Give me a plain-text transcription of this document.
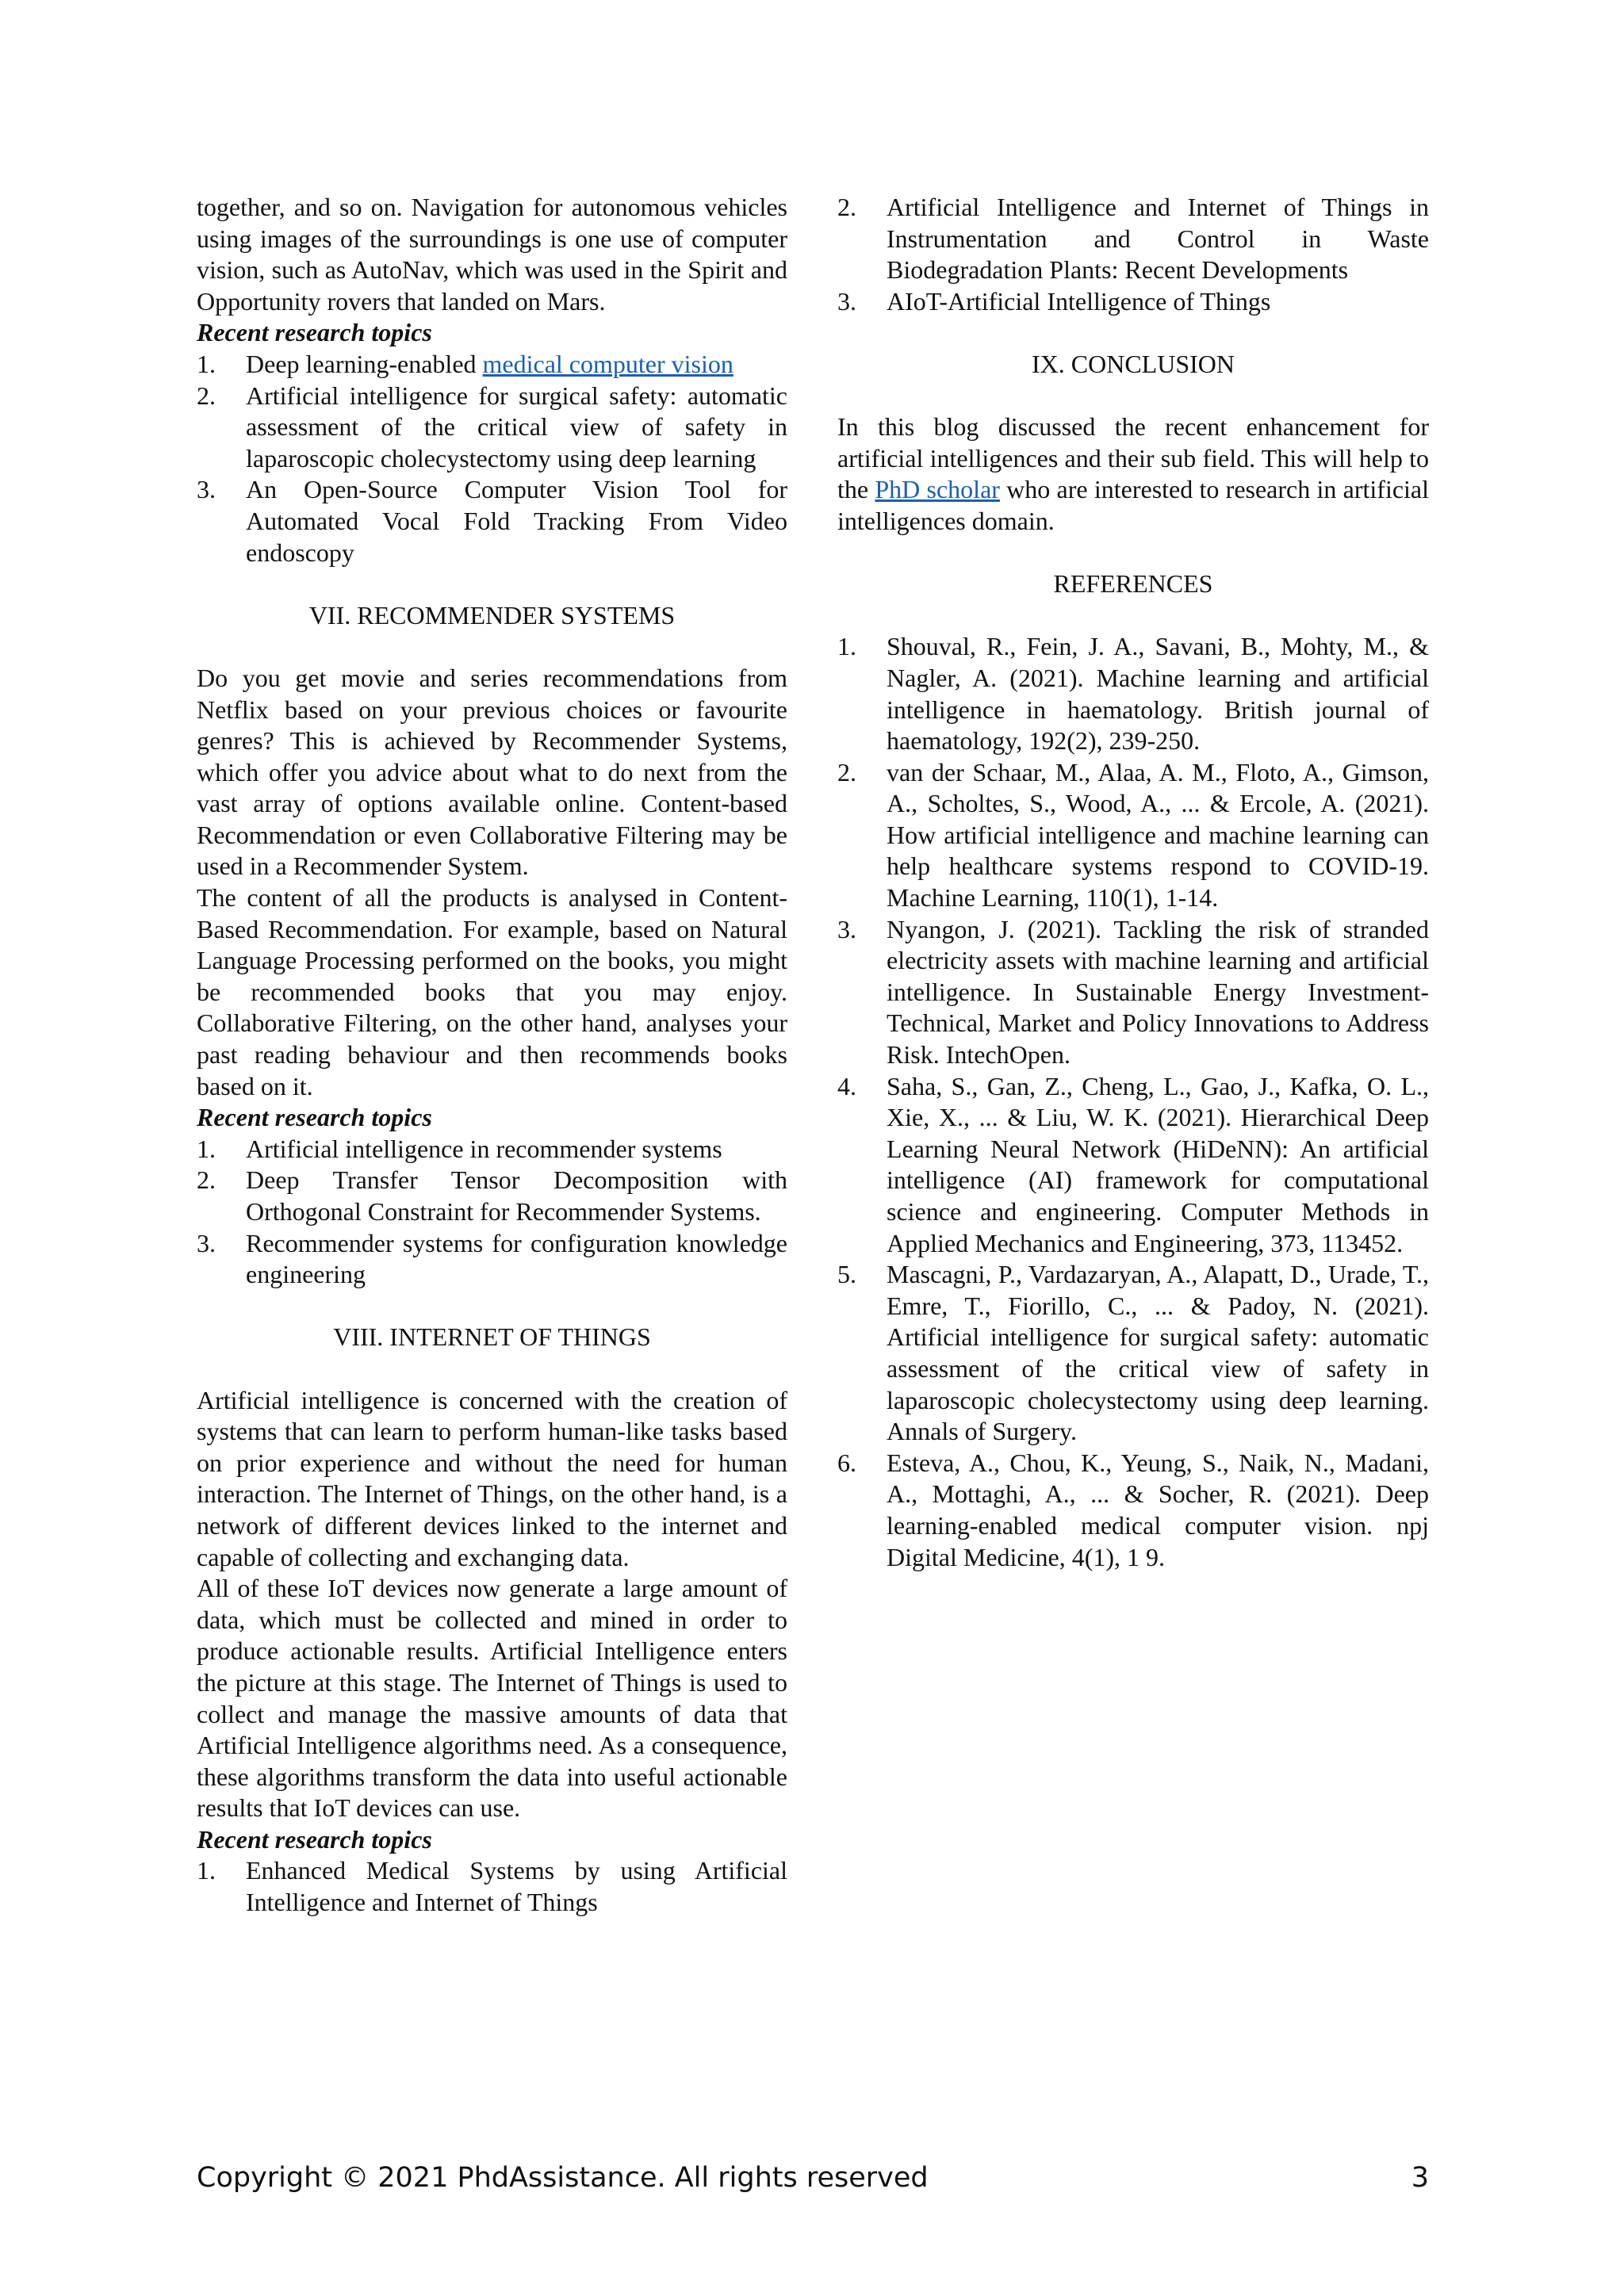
together, and so on. Navigation for autonomous vehicles using images of the surroundings is one use of computer vision, such as AutoNav, which was used in the Spirit and Opportunity rovers that landed on Mars.

Recent research topics
1. Deep learning-enabled medical computer vision
2. Artificial intelligence for surgical safety: automatic assessment of the critical view of safety in laparoscopic cholecystectomy using deep learning
3. An Open-Source Computer Vision Tool for Automated Vocal Fold Tracking From Video endoscopy
VII. RECOMMENDER SYSTEMS

Do you get movie and series recommendations from Netflix based on your previous choices or favourite genres? This is achieved by Recommender Systems, which offer you advice about what to do next from the vast array of options available online. Content-based Recommendation or even Collaborative Filtering may be used in a Recommender System.

The content of all the products is analysed in Content-Based Recommendation. For example, based on Natural Language Processing performed on the books, you might be recommended books that you may enjoy. Collaborative Filtering, on the other hand, analyses your past reading behaviour and then recommends books based on it.

Recent research topics
1. Artificial intelligence in recommender systems
2. Deep Transfer Tensor Decomposition with Orthogonal Constraint for Recommender Systems.
3. Recommender systems for configuration knowledge engineering
VIII. INTERNET OF THINGS

Artificial intelligence is concerned with the creation of systems that can learn to perform human-like tasks based on prior experience and without the need for human interaction. The Internet of Things, on the other hand, is a network of different devices linked to the internet and capable of collecting and exchanging data.

All of these IoT devices now generate a large amount of data, which must be collected and mined in order to produce actionable results. Artificial Intelligence enters the picture at this stage. The Internet of Things is used to collect and manage the massive amounts of data that Artificial Intelligence algorithms need. As a consequence, these algorithms transform the data into useful actionable results that IoT devices can use.

Recent research topics
1. Enhanced Medical Systems by using Artificial Intelligence and Internet of Things
2. Artificial Intelligence and Internet of Things in Instrumentation and Control in Waste Biodegradation Plants: Recent Developments
3. AIoT-Artificial Intelligence of Things
IX. CONCLUSION

In this blog discussed the recent enhancement for artificial intelligences and their sub field. This will help to the PhD scholar who are interested to research in artificial intelligences domain.

REFERENCES
1. Shouval, R., Fein, J. A., Savani, B., Mohty, M., & Nagler, A. (2021). Machine learning and artificial intelligence in haematology. British journal of haematology, 192(2), 239-250.
2. van der Schaar, M., Alaa, A. M., Floto, A., Gimson, A., Scholtes, S., Wood, A., ... & Ercole, A. (2021). How artificial intelligence and machine learning can help healthcare systems respond to COVID-19. Machine Learning, 110(1), 1-14.
3. Nyangon, J. (2021). Tackling the risk of stranded electricity assets with machine learning and artificial intelligence. In Sustainable Energy Investment-Technical, Market and Policy Innovations to Address Risk. IntechOpen.
4. Saha, S., Gan, Z., Cheng, L., Gao, J., Kafka, O. L., Xie, X., ... & Liu, W. K. (2021). Hierarchical Deep Learning Neural Network (HiDeNN): An artificial intelligence (AI) framework for computational science and engineering. Computer Methods in Applied Mechanics and Engineering, 373, 113452.
5. Mascagni, P., Vardazaryan, A., Alapatt, D., Urade, T., Emre, T., Fiorillo, C., ... & Padoy, N. (2021). Artificial intelligence for surgical safety: automatic assessment of the critical view of safety in laparoscopic cholecystectomy using deep learning. Annals of Surgery.
6. Esteva, A., Chou, K., Yeung, S., Naik, N., Madani, A., Mottaghi, A., ... & Socher, R. (2021). Deep learning-enabled medical computer vision. npj Digital Medicine, 4(1), 1 9.
Copyright © 2021 PhdAssistance. All rights reserved	3
